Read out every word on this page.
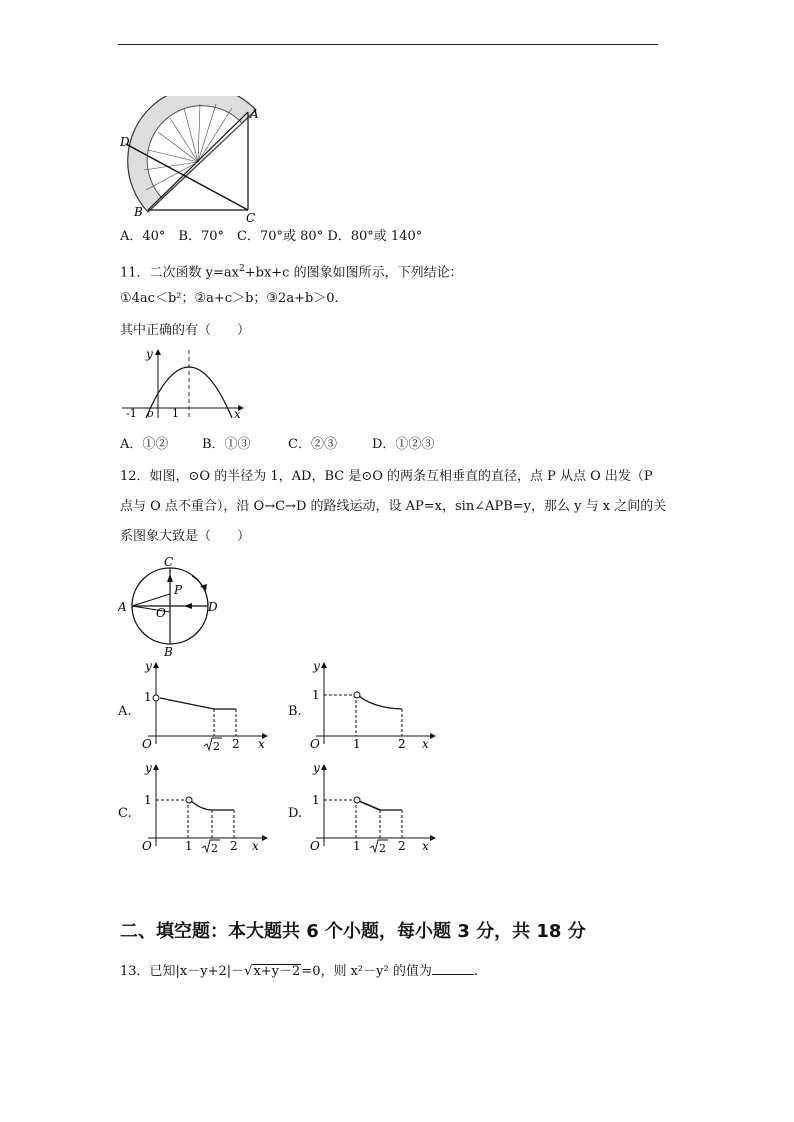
A
D
B	C
A．40°　B．70°　C．70°或 80° D．80°或 140°
11．二次函数 $y=ax^2+bx+c$ 的图象如图所示，下列结论：
①4ac＜b²；②a+c＞b；③2a+b＞0.
其中正确的有（　　）
y
x
-1 o 1
A．①②	B．①③	C．②③	D．①②③
12．如图，⊙O 的半径为 1，AD，BC 是⊙O 的两条互相垂直的直径，点 P 从点 O 出发（P
点与 O 点不重合），沿 O→C→D 的路线运动，设 AP=x，sin∠APB=y，那么 y 与 x 之间的关
系图象大致是（　　）
C
P
A O	D
B
A.	B.
C.	D.
y
1
O	2 2 x
y
1
O	1	2 x
y
1
O	1 2 2 x
y
1
O	1 2 2 x
二、填空题：本大题共 6 个小题，每小题 3 分，共 18 分
13．已知|x－y+2|－√x+y－2=0，则 x²－y² 的值为	.
